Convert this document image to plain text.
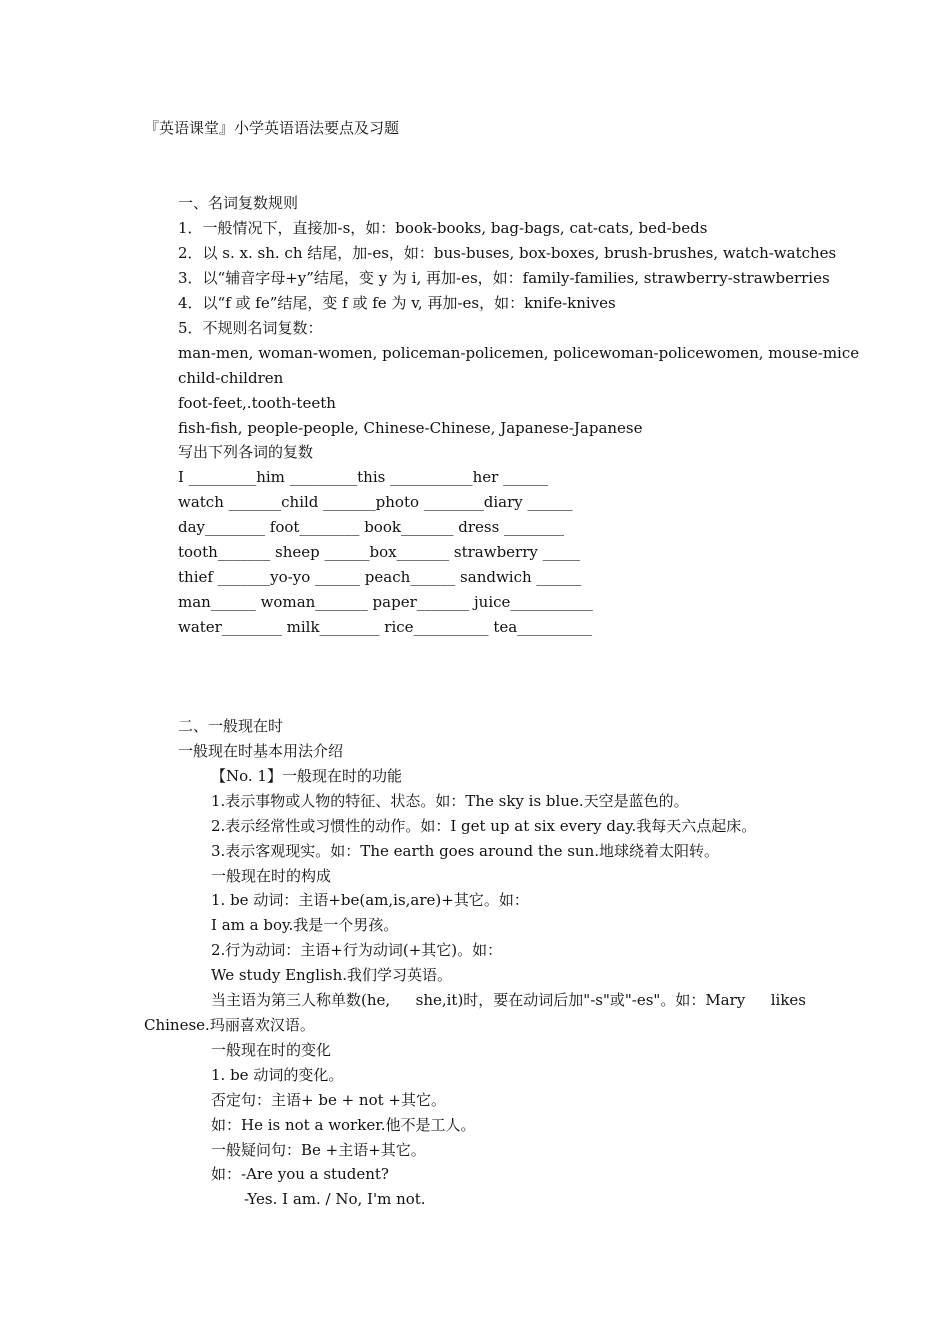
『英语课堂』小学英语语法要点及习题
一、名词复数规则
1．一般情况下，直接加-s，如：book-books, bag-bags, cat-cats, bed-beds
2．以 s. x. sh. ch 结尾，加-es，如：bus-buses, box-boxes, brush-brushes, watch-watches
3．以“辅音字母+y”结尾，变 y 为 i, 再加-es，如：family-families, strawberry-strawberries
4．以“f 或 fe”结尾，变 f 或 fe 为 v, 再加-es，如：knife-knives
5．不规则名词复数：
man-men, woman-women, policeman-policemen, policewoman-policewomen, mouse-mice
child-children
foot-feet,.tooth-teeth
fish-fish, people-people, Chinese-Chinese, Japanese-Japanese
写出下列各词的复数
I _________him _________this ___________her ______
watch _______child _______photo ________diary ______
day________ foot________ book_______ dress ________
tooth_______ sheep ______box_______ strawberry _____
thief _______yo-yo ______ peach______ sandwich ______
man______ woman_______ paper_______ juice___________
water________ milk________ rice__________ tea__________
二、一般现在时
一般现在时基本用法介绍
【No. 1】一般现在时的功能
1.表示事物或人物的特征、状态。如：The sky is blue.天空是蓝色的。
2.表示经常性或习惯性的动作。如：I get up at six every day.我每天六点起床。
3.表示客观现实。如：The earth goes around the sun.地球绕着太阳转。
一般现在时的构成
1. be 动词：主语+be(am,is,are)+其它。如：
I am a boy.我是一个男孩。
2.行为动词：主语+行为动词(+其它)。如：
We study English.我们学习英语。
当主语为第三人称单数(he, she,it)时，要在动词后加"-s"或"-es"。如：Mary likes
Chinese.玛丽喜欢汉语。
一般现在时的变化
1. be 动词的变化。
否定句：主语+ be + not +其它。
如：He is not a worker.他不是工人。
一般疑问句：Be +主语+其它。
如：-Are you a student?
-Yes. I am. / No, I'm not.
